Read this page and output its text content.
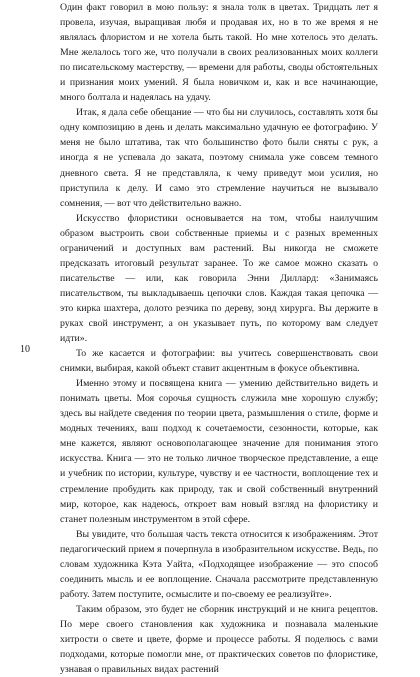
Один факт говорил в мою пользу: я знала толк в цветах. Тридцать лет я провела, изучая, выращивая любя и продавая их, но в то же время я не являлась флористом и не хотела быть такой. Но мне хотелось это делать. Мне желалось того же, что получали в своих реализованных моих коллеги по писательскому мастерству, — времени для работы, своды обстоятельных и признания моих умений. Я была новичком и, как и все начинающие, много болтала и надеялась на удачу.

Итак, я дала себе обещание — что бы ни случилось, составлять хотя бы одну композицию в день и делать максимально удачную ее фотографию. У меня не было штатива, так что большинство фото были сняты с рук, а иногда я не успевала до заката, поэтому снимала уже совсем темного дневного света. Я не представляла, к чему приведут мои усилия, но приступила к делу. И само это стремление научиться не вызывало сомнения, — вот что действительно важно.

Искусство флористики основывается на том, чтобы наилучшим образом выстроить свои собственные приемы и с разных временных ограничений и доступных вам растений. Вы никогда не сможете предсказать итоговый результат заранее. То же самое можно сказать о писательстве — или, как говорила Энни Диллард: «Занимаясь писательством, ты выкладываешь цепочки слов. Каждая такая цепочка — это кирка шахтера, долото резчика по дереву, зонд хирурга. Вы держите в руках свой инструмент, а он указывает путь, по которому вам следует идти».

То же касается и фотографии: вы учитесь совершенствовать свои снимки, выбирая, какой объект ставит акцентным в фокусе объективна.

Именно этому и посвящена книга — умению действительно видеть и понимать цветы. Моя сорочья сущность служила мне хорошую службу; здесь вы найдете сведения по теории цвета, размышления о стиле, форме и модных течениях, ваш подход к сочетаемости, сезонности, которые, как мне кажется, являют основополагающее значение для понимания этого искусства. Книга — это не только личное творческое представление, а еще и учебник по истории, культуре, чувству и ее частности, воплощение тех и стремление пробудить как природу, так и свой собственный внутренний мир, которое, как надеюсь, откроет вам новый взгляд на флористику и станет полезным инструментом в этой сфере.

Вы увидите, что большая часть текста относится к изображениям. Этот педагогический прием я почерпнула в изобразительном искусстве. Ведь, по словам художника Кэта Уайта, «Подходящее изображение — это способ соединить мысль и ее воплощение. Сначала рассмотрите представленную работу. Затем поступите, осмыслите и по-своему ее реализуйте».

Таким образом, это будет не сборник инструкций и не книга рецептов. По мере своего становления как художника и познавала маленькие хитрости о свете и цвете, форме и процессе работы. Я поделюсь с вами подходами, которые помогли мне, от практических советов по флористике, узнавая о правильных видах растений

10
